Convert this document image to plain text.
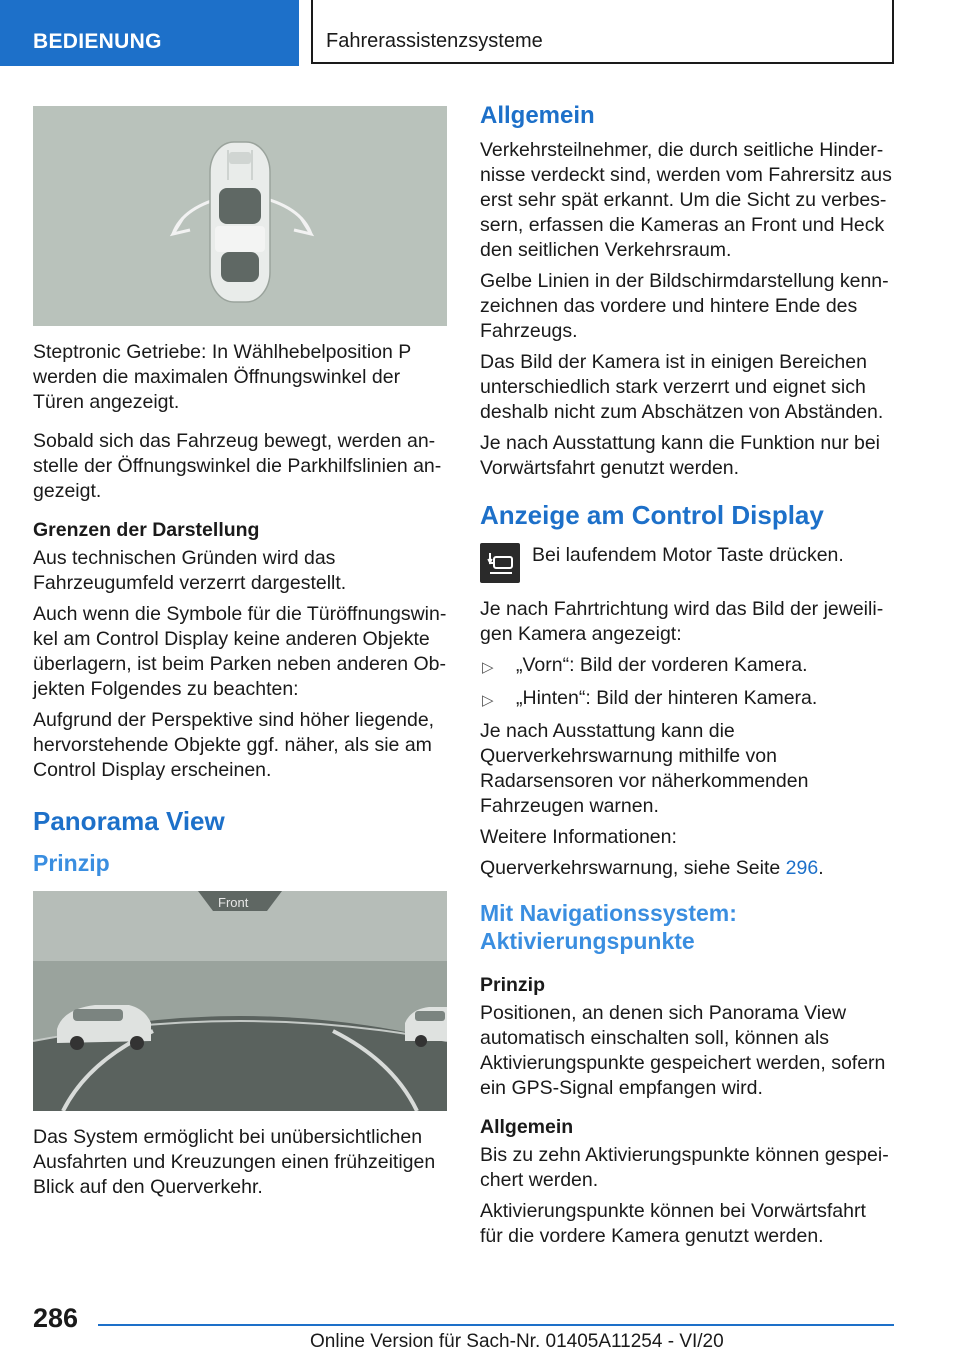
BEDIENUNG	Fahrerassistenzsysteme

Steptronic Getriebe: In Wählhebelposition P werden die maximalen Öffnungswinkel der Türen angezeigt.

Sobald sich das Fahrzeug bewegt, werden anstelle der Öffnungswinkel die Parkhilfslinien angezeigt.

Grenzen der Darstellung

Aus technischen Gründen wird das Fahrzeugumfeld verzerrt dargestellt.

Auch wenn die Symbole für die Türöffnungswinkel am Control Display keine anderen Objekte überlagern, ist beim Parken neben anderen Objekten Folgendes zu beachten:

Aufgrund der Perspektive sind höher liegende, hervorstehende Objekte ggf. näher, als sie am Control Display erscheinen.

Panorama View
Prinzip
Front

Das System ermöglicht bei unübersichtlichen Ausfahrten und Kreuzungen einen frühzeitigen Blick auf den Querverkehr.

Allgemein

Verkehrsteilnehmer, die durch seitliche Hindernisse verdeckt sind, werden vom Fahrersitz aus erst sehr spät erkannt. Um die Sicht zu verbessern, erfassen die Kameras an Front und Heck den seitlichen Verkehrsraum.

Gelbe Linien in der Bildschirmdarstellung kennzeichnen das vordere und hintere Ende des Fahrzeugs.

Das Bild der Kamera ist in einigen Bereichen unterschiedlich stark verzerrt und eignet sich deshalb nicht zum Abschätzen von Abständen.

Je nach Ausstattung kann die Funktion nur bei Vorwärtsfahrt genutzt werden.

Anzeige am Control Display

Bei laufendem Motor Taste drücken.

Je nach Fahrtrichtung wird das Bild der jeweiligen Kamera angezeigt:

▷ „Vorn“: Bild der vorderen Kamera.
▷ „Hinten“: Bild der hinteren Kamera.

Je nach Ausstattung kann die Querverkehrswarnung mithilfe von Radarsensoren vor näherkommenden Fahrzeugen warnen.

Weitere Informationen:

Querverkehrswarnung, siehe Seite 296.

Mit Navigationssystem: Aktivierungspunkte
Prinzip

Positionen, an denen sich Panorama View automatisch einschalten soll, können als Aktivierungspunkte gespeichert werden, sofern ein GPS-Signal empfangen wird.

Allgemein

Bis zu zehn Aktivierungspunkte können gespeichert werden.

Aktivierungspunkte können bei Vorwärtsfahrt für die vordere Kamera genutzt werden.

286
Online Version für Sach-Nr. 01405A11254 - VI/20
